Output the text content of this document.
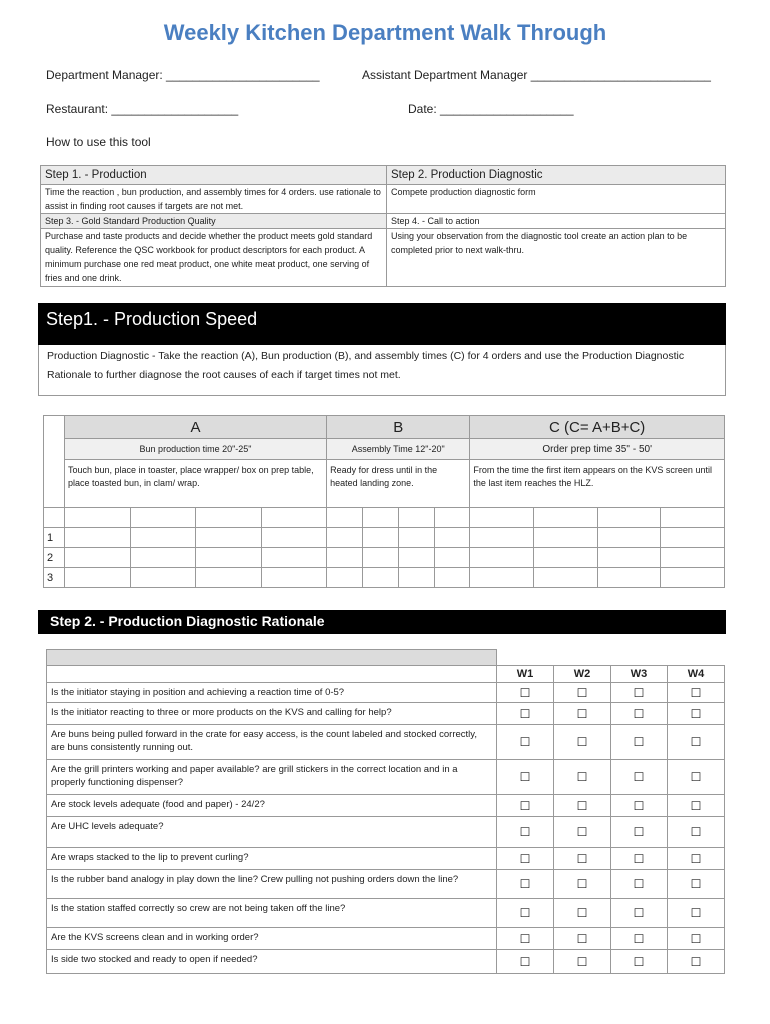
Weekly Kitchen Department Walk Through
Department Manager: _______________________	Assistant Department Manager ___________________________
Restaurant: ___________________	Date: ____________________
How to use this tool
Step 1. - Production	Step 2. Production Diagnostic
Time the reaction , bun production, and assembly times for 4 orders. use rationale to assist in finding root causes if targets are not met.	Compete production diagnostic form
Step 3. - Gold Standard Production Quality	Step 4. - Call to action
Purchase and taste products and decide whether the product meets gold standard quality. Reference the QSC workbook for product descriptors for each product. A minimum purchase one red meat product, one white meat product, one serving of fries and one drink.	Using your observation from the diagnostic tool create an action plan to be completed prior to next walk-thru.
Step1. - Production Speed
Production Diagnostic - Take the reaction (A), Bun production (B), and assembly times (C) for 4 orders and use the Production Diagnostic Rationale to further diagnose the root causes of each if target times not met.
	A				B				C (C= A+B+C)			
	Bun production time 20"-25"				Assembly Time 12"-20"				Order prep time 35'' - 50'			
	Touch bun, place in toaster, place wrapper/ box on prep table, place toasted bun, in clam/ wrap.				Ready for dress until in the heated landing zone.				From the time the first item appears on the KVS screen until the last item reaches the HLZ.			

1												
2												
3												
Step 2. - Production Diagnostic Rationale

	W1	W2	W3	W4
Is the initiator staying in position and achieving a reaction time of 0-5?	☐	☐	☐	☐
Is the initiator reacting to three or more products on the KVS and calling for help?	☐	☐	☐	☐
Are buns being pulled forward in the crate for easy access, is the count labeled and stocked correctly, are buns consistently running out.	☐	☐	☐	☐
Are the grill printers working and paper available? are grill stickers in the correct location and in a properly functioning dispenser?	☐	☐	☐	☐
Are stock levels adequate (food and paper) - 24/2?	☐	☐	☐	☐
Are UHC levels adequate?	☐	☐	☐	☐
Are wraps stacked to the lip to prevent curling?	☐	☐	☐	☐
Is the rubber band analogy in play down the line? Crew pulling not pushing orders down the line?	☐	☐	☐	☐
Is the station staffed correctly so crew are not being taken off the line?	☐	☐	☐	☐
Are the KVS screens clean and in working order?	☐	☐	☐	☐
Is side two stocked and ready to open if needed?	☐	☐	☐	☐
